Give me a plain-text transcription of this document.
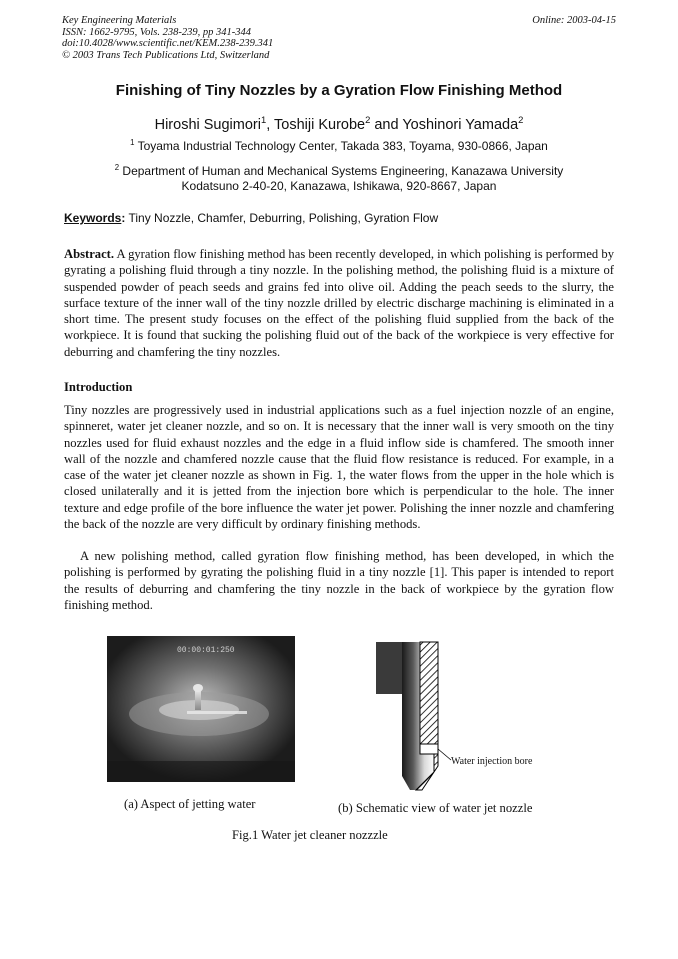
Key Engineering Materials
ISSN: 1662-9795, Vols. 238-239, pp 341-344
doi:10.4028/www.scientific.net/KEM.238-239.341
© 2003 Trans Tech Publications Ltd, Switzerland
Online: 2003-04-15
Finishing of Tiny Nozzles by a Gyration Flow Finishing Method
Hiroshi Sugimori$^1$, Toshiji Kurobe$^2$ and Yoshinori Yamada$^2$
$^1$ Toyama Industrial Technology Center, Takada 383, Toyama, 930-0866, Japan
$^2$ Department of Human and Mechanical Systems Engineering, Kanazawa University
Kodatsuno 2-40-20, Kanazawa, Ishikawa, 920-8667, Japan
Keywords: Tiny Nozzle, Chamfer, Deburring, Polishing, Gyration Flow
Abstract. A gyration flow finishing method has been recently developed, in which polishing is performed by gyrating a polishing fluid through a tiny nozzle. In the polishing method, the polishing fluid is a mixture of suspended powder of peach seeds and grains fed into olive oil. Adding the peach seeds to the slurry, the surface texture of the inner wall of the tiny nozzle drilled by electric discharge machining is eliminated in a short time. The present study focuses on the effect of the polishing fluid supplied from the back of the workpiece. It is found that sucking the polishing fluid out of the back of the workpiece is very effective for deburring and chamfering the tiny nozzles.
Introduction
Tiny nozzles are progressively used in industrial applications such as a fuel injection nozzle of an engine, spinneret, water jet cleaner nozzle, and so on. It is necessary that the inner wall is very smooth on the tiny nozzles used for fluid exhaust nozzles and the edge in a fluid inflow side is chamfered. The smooth inner wall of the nozzle and chamfered nozzle cause that the fluid flow resistance is reduced. For example, in a case of the water jet cleaner nozzle as shown in Fig. 1, the water flows from the upper in the hole which is closed unilaterally and it is jetted from the injection bore which is perpendicular to the hole. The inner texture and edge profile of the bore influence the water jet power. Polishing the inner nozzle and chamfering the back of the nozzle are very difficult by ordinary finishing methods.
A new polishing method, called gyration flow finishing method, has been developed, in which the polishing is performed by gyrating the polishing fluid in a tiny nozzle [1]. This paper is intended to report the results of deburring and chamfering the tiny nozzle in the back of workpiece by the gyration flow finishing method.
00:00:01:250
Water injection bore
(a) Aspect of jetting water	(b) Schematic view of water jet nozzle
Fig.1 Water jet cleaner nozzzle
